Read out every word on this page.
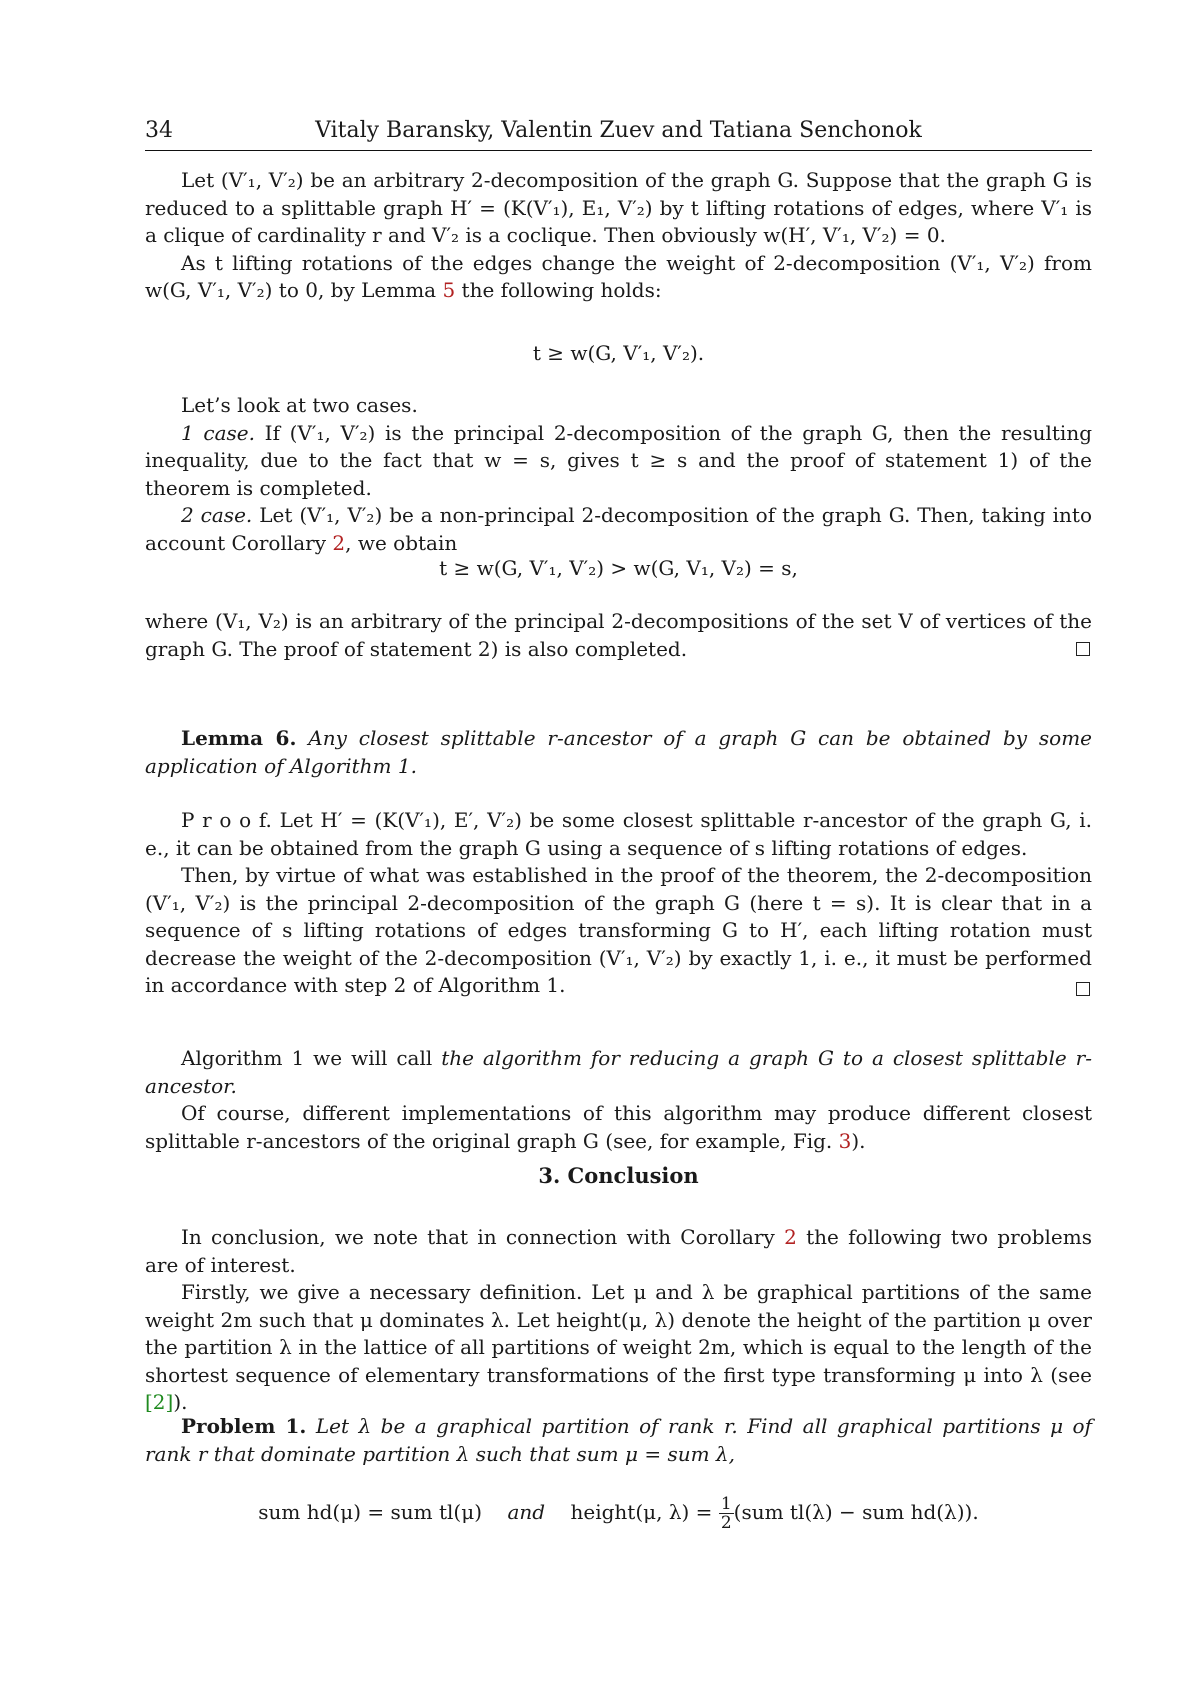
34	Vitaly Baransky, Valentin Zuev and Tatiana Senchonok

Let (V′₁, V′₂) be an arbitrary 2-decomposition of the graph G. Suppose that the graph G is reduced to a splittable graph H′ = (K(V′₁), E₁, V′₂) by t lifting rotations of edges, where V′₁ is a clique of cardinality r and V′₂ is a coclique. Then obviously w(H′, V′₁, V′₂) = 0.

As t lifting rotations of the edges change the weight of 2-decomposition (V′₁, V′₂) from w(G, V′₁, V′₂) to 0, by Lemma 5 the following holds:

t ≥ w(G, V′₁, V′₂).

Let’s look at two cases.

1 case. If (V′₁, V′₂) is the principal 2-decomposition of the graph G, then the resulting inequality, due to the fact that w = s, gives t ≥ s and the proof of statement 1) of the theorem is completed.

2 case. Let (V′₁, V′₂) be a non-principal 2-decomposition of the graph G. Then, taking into account Corollary 2, we obtain

t ≥ w(G, V′₁, V′₂) > w(G, V₁, V₂) = s,

where (V₁, V₂) is an arbitrary of the principal 2-decompositions of the set V of vertices of the graph G. The proof of statement 2) is also completed.

Lemma 6. Any closest splittable r-ancestor of a graph G can be obtained by some application of Algorithm 1.

P r o o f. Let H′ = (K(V′₁), E′, V′₂) be some closest splittable r-ancestor of the graph G, i. e., it can be obtained from the graph G using a sequence of s lifting rotations of edges.

Then, by virtue of what was established in the proof of the theorem, the 2-decomposition (V′₁, V′₂) is the principal 2-decomposition of the graph G (here t = s). It is clear that in a sequence of s lifting rotations of edges transforming G to H′, each lifting rotation must decrease the weight of the 2-decomposition (V′₁, V′₂) by exactly 1, i. e., it must be performed in accordance with step 2 of Algorithm 1.

Algorithm 1 we will call the algorithm for reducing a graph G to a closest splittable r-ancestor.

Of course, different implementations of this algorithm may produce different closest splittable r-ancestors of the original graph G (see, for example, Fig. 3).

3. Conclusion

In conclusion, we note that in connection with Corollary 2 the following two problems are of interest.

Firstly, we give a necessary definition. Let μ and λ be graphical partitions of the same weight 2m such that μ dominates λ. Let height(μ, λ) denote the height of the partition μ over the partition λ in the lattice of all partitions of weight 2m, which is equal to the length of the shortest sequence of elementary transformations of the first type transforming μ into λ (see [2]).

Problem 1. Let λ be a graphical partition of rank r. Find all graphical partitions μ of rank r that dominate partition λ such that sum μ = sum λ,

sum hd(μ) = sum tl(μ) and height(μ, $\lambda) = \frac{1}{2} (sum$ tl(λ) − sum hd(λ)).
